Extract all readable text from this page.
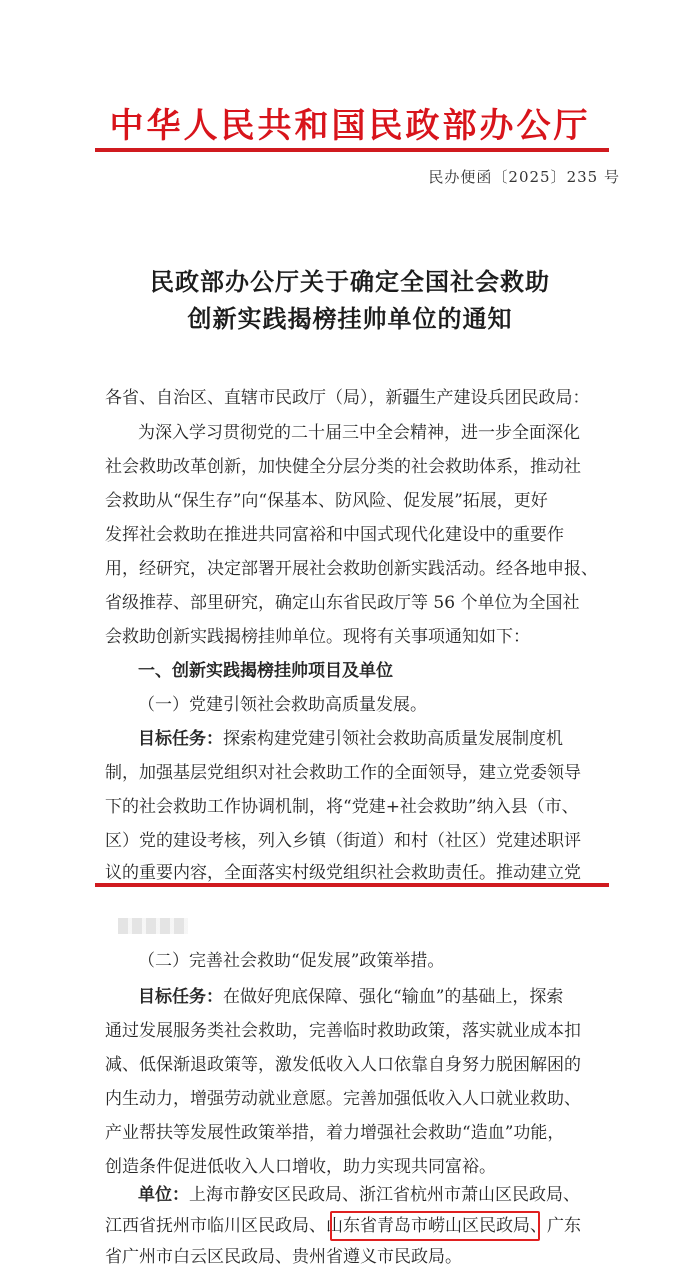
中华人民共和国民政部办公厅
民办便函〔2025〕235 号
民政部办公厅关于确定全国社会救助
创新实践揭榜挂帅单位的通知
各省、自治区、直辖市民政厅（局），新疆生产建设兵团民政局：
为深入学习贯彻党的二十届三中全会精神，进一步全面深化
社会救助改革创新，加快健全分层分类的社会救助体系，推动社
会救助从“保生存”向“保基本、防风险、促发展”拓展，更好
发挥社会救助在推进共同富裕和中国式现代化建设中的重要作
用，经研究，决定部署开展社会救助创新实践活动。经各地申报、
省级推荐、部里研究，确定山东省民政厅等 56 个单位为全国社
会救助创新实践揭榜挂帅单位。现将有关事项通知如下：
一、创新实践揭榜挂帅项目及单位
（一）党建引领社会救助高质量发展。
目标任务：探索构建党建引领社会救助高质量发展制度机
制，加强基层党组织对社会救助工作的全面领导，建立党委领导
下的社会救助工作协调机制，将“党建+社会救助”纳入县（市、
区）党的建设考核，列入乡镇（街道）和村（社区）党建述职评
议的重要内容，全面落实村级党组织社会救助责任。推动建立党
（二）完善社会救助“促发展”政策举措。
目标任务：在做好兜底保障、强化“输血”的基础上，探索
通过发展服务类社会救助，完善临时救助政策，落实就业成本扣
减、低保渐退政策等，激发低收入人口依靠自身努力脱困解困的
内生动力，增强劳动就业意愿。完善加强低收入人口就业救助、
产业帮扶等发展性政策举措，着力增强社会救助“造血”功能，
创造条件促进低收入人口增收，助力实现共同富裕。
单位：上海市静安区民政局、浙江省杭州市萧山区民政局、
江西省抚州市临川区民政局、山东省青岛市崂山区民政局、广东
省广州市白云区民政局、贵州省遵义市民政局。
